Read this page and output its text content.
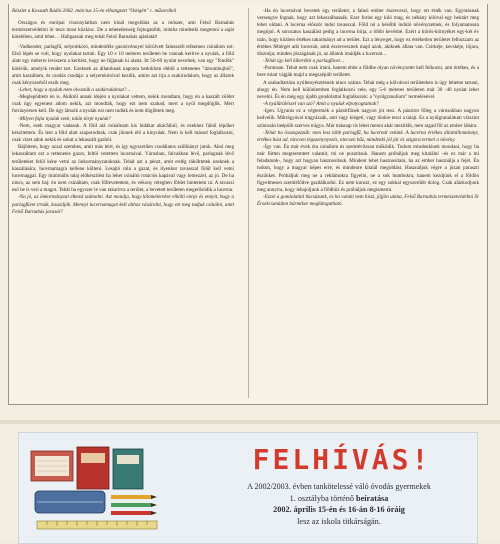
Részlet a Kossuth Rádió 2002. március 15-én elhangzott "Ostigén" c. műsorából

Országos és európai viszonylatban nem kínál megoldást az a mőszer, ami Felső Barnabás természetvédelmi ör teszt most közkinc. De a tehetetlenség fojtogatóbb, mintha mindenki megtenni a saját kötelében, amit lehet… Hallgassuk meg tehát Felső Barnabás ajánlatát!

-Vadkender, parlagfű, selyemkóró, mindenféle gaznövénnyel körülvett falusszéli telkemen csinálom ezt: Első lépés se volt, hogy nyulakat tartok. Egy 10 x 10 méteres területen be vannak kerítve a nyulak, a föld alatt egy méterre leviszem a kerítést, hogy ne fújjanak ki alatta. Itt 50-60 nyulat neveltek, van egy "föndök" kötérük, amelyik rendet tart. Ezeknek az állatoknak naponta hedoblom ebből a rettenetes "dzsumbujból", amit kaszáltam, és csodás csodája: a selyemkóróval kezdik, amire azt írja a szakirodalom, hogy az állatok csak kényszerből eszik meg.

-Lehet, hogy a nyulak nem olvasták a szakirodalmat?...

-Meglepődtem én is. Akiktől annak idején a nyulakat vettem, nekik mondtam, hogy én a kaszált zöldet csak úgy egyenest adom nekik, azt mondták, hogy ezt nem szabad, mert a nyúl megdöglik. Mert forrásyersen kell. De úgy látszik a nyulak ezt nem tudták és nem döglöttek meg.

-Milyen fajta nyulak ezek, talán törpi nyulak?

-Nem, ezek magyar vadasok. A föld alá csinálnam kis lúdákat akácfából, és ezekhez fából lépőket készítettem. És lent a föld alatt szaporodnak, csak jönnek elő a kinyulak. Nem is kell másod foglalkozni, csak vízet adok nekik és sokat a lekaszált gazból.

Rájöttem, hogy azzal szembes, amit más leírt, és így egyszerűen csodálatos szülhiányt jutok. Ahol meg lekaszáltam ezt a rettenetes gazot, feltöl vetettem lucernával. Városban, falvakban lévő, parlagnak lévő területeket felül kéne vetni az önkormányzatoknak. Tehát azt a pénzt, amit erdég rákölttetek ezeknek a kaszálására, lucernamagra kellene költeni. Lesajtó róla a gazat, és ilyenkor tavasszal fölül kell vetni lucernaggal. Egy minimális talaj előkészítést ha lehet csinálni rotációs kapával vagy lemezzel, az jó. De ha nincs, az sem baj: én nem csináltam, csak föllevetettem, és vékony rétegben földet hintettem rá. A tavaszi eső be is veri a magot. Tehát ha egyszer le van takarítva a terület, a bevetett területen megerősödik a lucerna.

-Na jó, az önkormányzat elkezd számolni. Azt mondja, hogy kilométerekre elkölti ennyi és ennyit, hogy a parlagfüvet irtsák, kaszálják. Mennyi lucernamagot kell ahhoz vásárolni, hogy ezt meg tudjuk csinálni, amit Felső Barnabás javasol?

-Ha én lucernával bevetek egy területet, a falusi ember észreveszi, hogy ott érték van. Egymásnak versengve fognak, hogy azt lekaszálhassák. Ezer forint egy kiló mag, és néhány kilóval egy hektárt meg lehet oldani. A lucerna először indul tavasszal. Föld nő a később induló növényzetnek, és folyamatosan megújul. A sorozatos kaszálást pedig a lucerna bírja, a többi kevésbé. Ezért a körös-környéket egy-két év után, hogy közben értékes takarmányt ad a terület. Ezt a lényeget, hogy ez értéketlen területet felhozzam az értékes féltérgét adó lucernát, amit észrevesznek majd azok, akiknek állata van. Csirkéje, kecskéje, lójara, disznója; minden jószágának jó, az állatok imádják a lucernát…

-Tehát így kell kiherélni a parlagfüvet…

-Pontosan. Tehát nem csak írtani, hanem ebbe a földbe olyan növényzetet kell felhozni, ami értékes, és a bere miatt vágják majd a megszépült területet.

A szabadtartásu nyúltenyésztésnek nincs száma. Tehát még a kölvárosi területeken is úgy lehetne tartani, ahogy én. Nem kell különlemben foglalkozni vele, egy 5-6 méteres területen már 30 -40 nyulat lehet nevelni. És én még egy újabb gondolattal foglalkozok: a "nyúlgranulium" termelésével.

-A nyúlürüléssel van szó? Amit a nyulak elpotyogtatnak?

-Igen. Ugyanis ez a végtermék a pázsitfűnek nagyon jót tesz. A pázsitot főleg a városokban nagyon kedvelik. Műtrágyával trágyázzák, ami vagy kiégeti, vagy tönkre teszi a talajt. Ez a nyúlgranulátum vízszint szintosán beépülő szerves trágya. Már másnap ris lehet menni akár mezítláb, nem ragad föl az ember lábára.

-Tehát ha összegezzük: nem lesz több parlagfű, ha lucernát vetünk. A lucerna értékes állattállománnyt, értékes húst ad, nincsen légszenynyezés, nincsen bűz, mindenki jól jár és szigorú termel a növény.

-Így van. Én már évek óta csinálom és szemtévőzsan működik. Tudom mindenkinek mondani, hogy ha már fiitten megteremtett valamit, mi ne pusztítsuk. Hanem próbáljuk meg kitalálni –és ez már a mi feladatunk-, hogy azt hogyan hasznosítsuk. Mindent lehet hasznosítani, ha az ember használja a fejét. Én tudom, hogy a magyar képes erre, és mindenre kitalál megoldást. Használjuk végre a józan paraszti észünket. Próbáljuk meg ne a reklámokra figyelni, ne a sok humbukra, hanem kezdjünk el a földön figyelmesen szemlélődve gazdálkodni. Ez nem kunszt, ez egy sokkal egyszerűbb dolog. Csak alázkodjunk meg annyira, hogy lehajoljunk a földhöz és próbáljuk megismerni.

-Ezzel a gondolattal búcsúzunk, és ha valaki nem hiszi, jöjjön utána, Felső Barnabás természetvédelmi őr Érsekcsanádon bármikor meglátogatható.

FELHÍVÁS!
A 2002/2003. évben tankötelessé váló óvodás gyermekek
1. osztályba történő beíratása
2002. április 15-én és 16-án 8-16 óráig
lesz az iskola titkárságán.
